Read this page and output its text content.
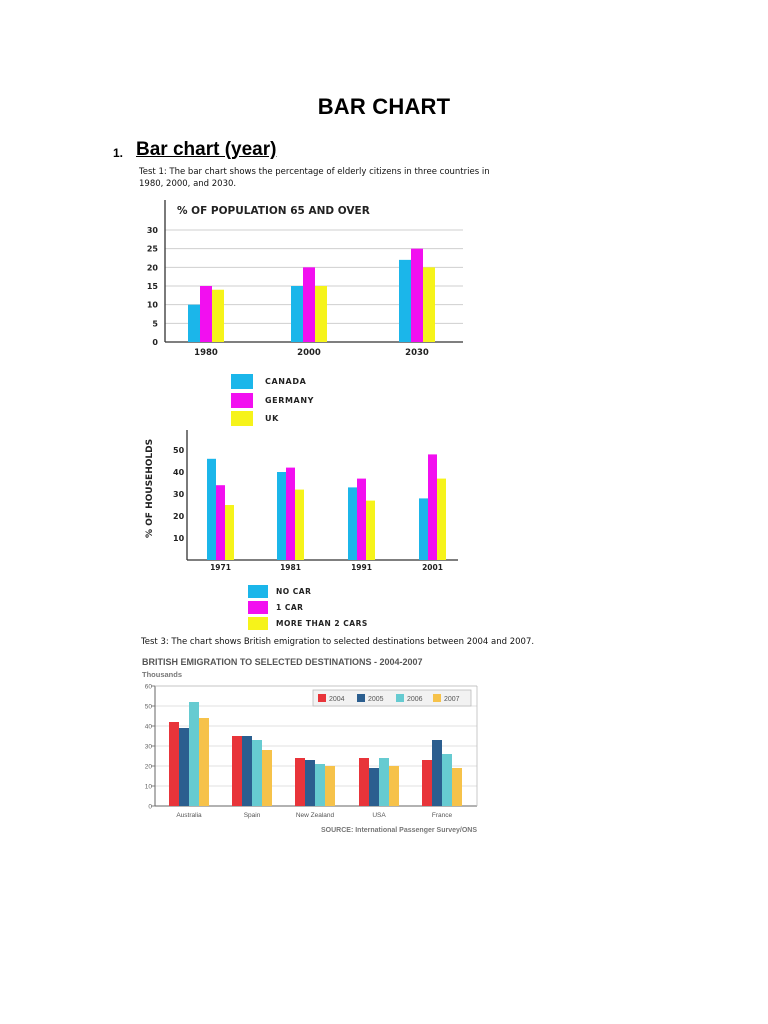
BAR CHART
1. Bar chart (year)
Test 1: The bar chart shows the percentage of elderly citizens in three countries in 1980, 2000, and 2030.
Test 3: The chart shows British emigration to selected destinations between 2004 and 2007.
% OF POPULATION 65 AND OVER
0
5
10
15
20
25
30
1980	2000	2030
CANADA
GERMANY
UK
10
20
30
40
50
% OF HOUSEHOLDS
1971	1981	1991	2001
NO CAR
1 CAR
MORE THAN 2 CARS
BRITISH EMIGRATION TO SELECTED DESTINATIONS - 2004-2007
Thousands
0
10
20
30
40
50
60
Australia	Spain	New Zealand	USA	France
2004	2005	2006	2007
SOURCE: International Passenger Survey/ONS
